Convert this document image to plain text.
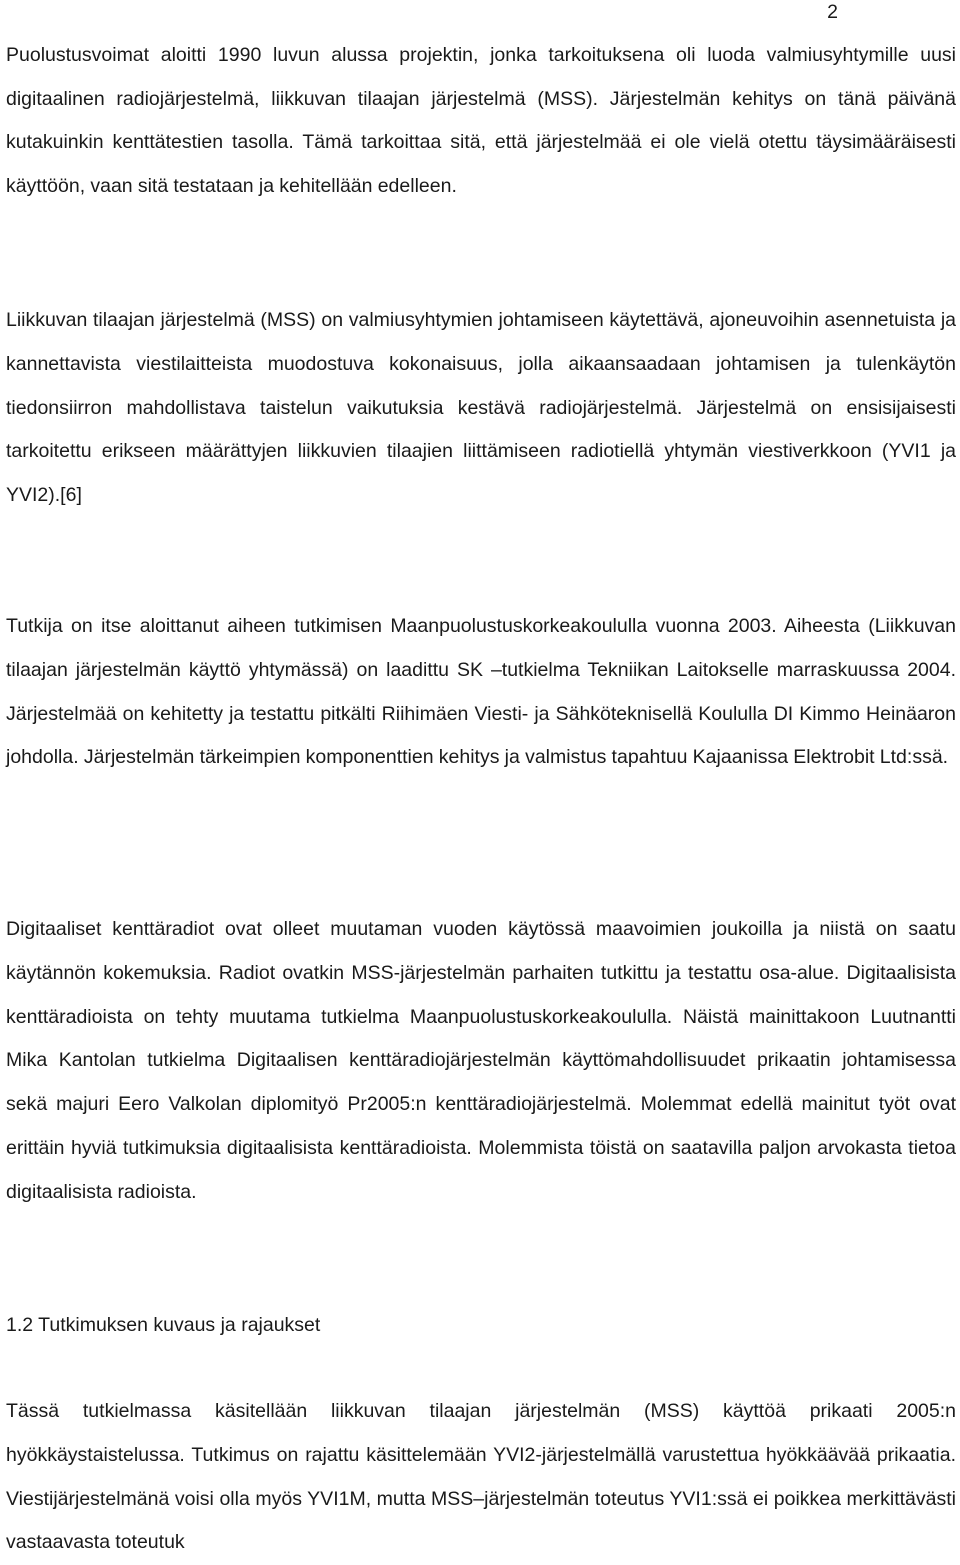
2

Puolustusvoimat aloitti 1990 luvun alussa projektin, jonka tarkoituksena oli luoda valmiusyhtymille uusi digitaalinen radiojärjestelmä, liikkuvan tilaajan järjestelmä (MSS). Järjestelmän kehitys on tänä päivänä kutakuinkin kenttätestien tasolla. Tämä tarkoittaa sitä, että järjestelmää ei ole vielä otettu täysimääräisesti käyttöön, vaan sitä testataan ja kehitellään edelleen.

Liikkuvan tilaajan järjestelmä (MSS) on valmiusyhtymien johtamiseen käytettävä, ajoneuvoihin asennetuista ja kannettavista viestilaitteista muodostuva kokonaisuus, jolla aikaansaadaan johtamisen ja tulenkäytön tiedonsiirron mahdollistava taistelun vaikutuksia kestävä radiojärjestelmä. Järjestelmä on ensisijaisesti tarkoitettu erikseen määrättyjen liikkuvien tilaajien liittämiseen radiotiellä yhtymän viestiverkkoon (YVI1 ja YVI2).[6]

Tutkija on itse aloittanut aiheen tutkimisen Maanpuolustuskorkeakoululla vuonna 2003. Aiheesta (Liikkuvan tilaajan järjestelmän käyttö yhtymässä) on laadittu SK –tutkielma Tekniikan Laitokselle marraskuussa 2004. Järjestelmää on kehitetty ja testattu pitkälti Riihimäen Viesti- ja Sähköteknisellä Koululla DI Kimmo Heinäaron johdolla. Järjestelmän tärkeimpien komponenttien kehitys ja valmistus tapahtuu Kajaanissa Elektrobit Ltd:ssä.

Digitaaliset kenttäradiot ovat olleet muutaman vuoden käytössä maavoimien joukoilla ja niistä on saatu käytännön kokemuksia. Radiot ovatkin MSS-järjestelmän parhaiten tutkittu ja testattu osa-alue. Digitaalisista kenttäradioista on tehty muutama tutkielma Maanpuolustuskorkeakoululla. Näistä mainittakoon Luutnantti Mika Kantolan tutkielma Digitaalisen kenttäradiojärjestelmän käyttömahdollisuudet prikaatin johtamisessa sekä majuri Eero Valkolan diplomityö Pr2005:n kenttäradiojärjestelmä. Molemmat edellä mainitut työt ovat erittäin hyviä tutkimuksia digitaalisista kenttäradioista. Molemmista töistä on saatavilla paljon arvokasta tietoa digitaalisista radioista.

1.2 Tutkimuksen kuvaus ja rajaukset

Tässä tutkielmassa käsitellään liikkuvan tilaajan järjestelmän (MSS) käyttöä prikaati 2005:n hyökkäystaistelussa. Tutkimus on rajattu käsittelemään YVI2-järjestelmällä varustettua hyökkäävää prikaatia. Viestijärjestelmänä voisi olla myös YVI1M, mutta MSS–järjestelmän toteutus YVI1:ssä ei poikkea merkittävästi vastaavasta toteutuk
